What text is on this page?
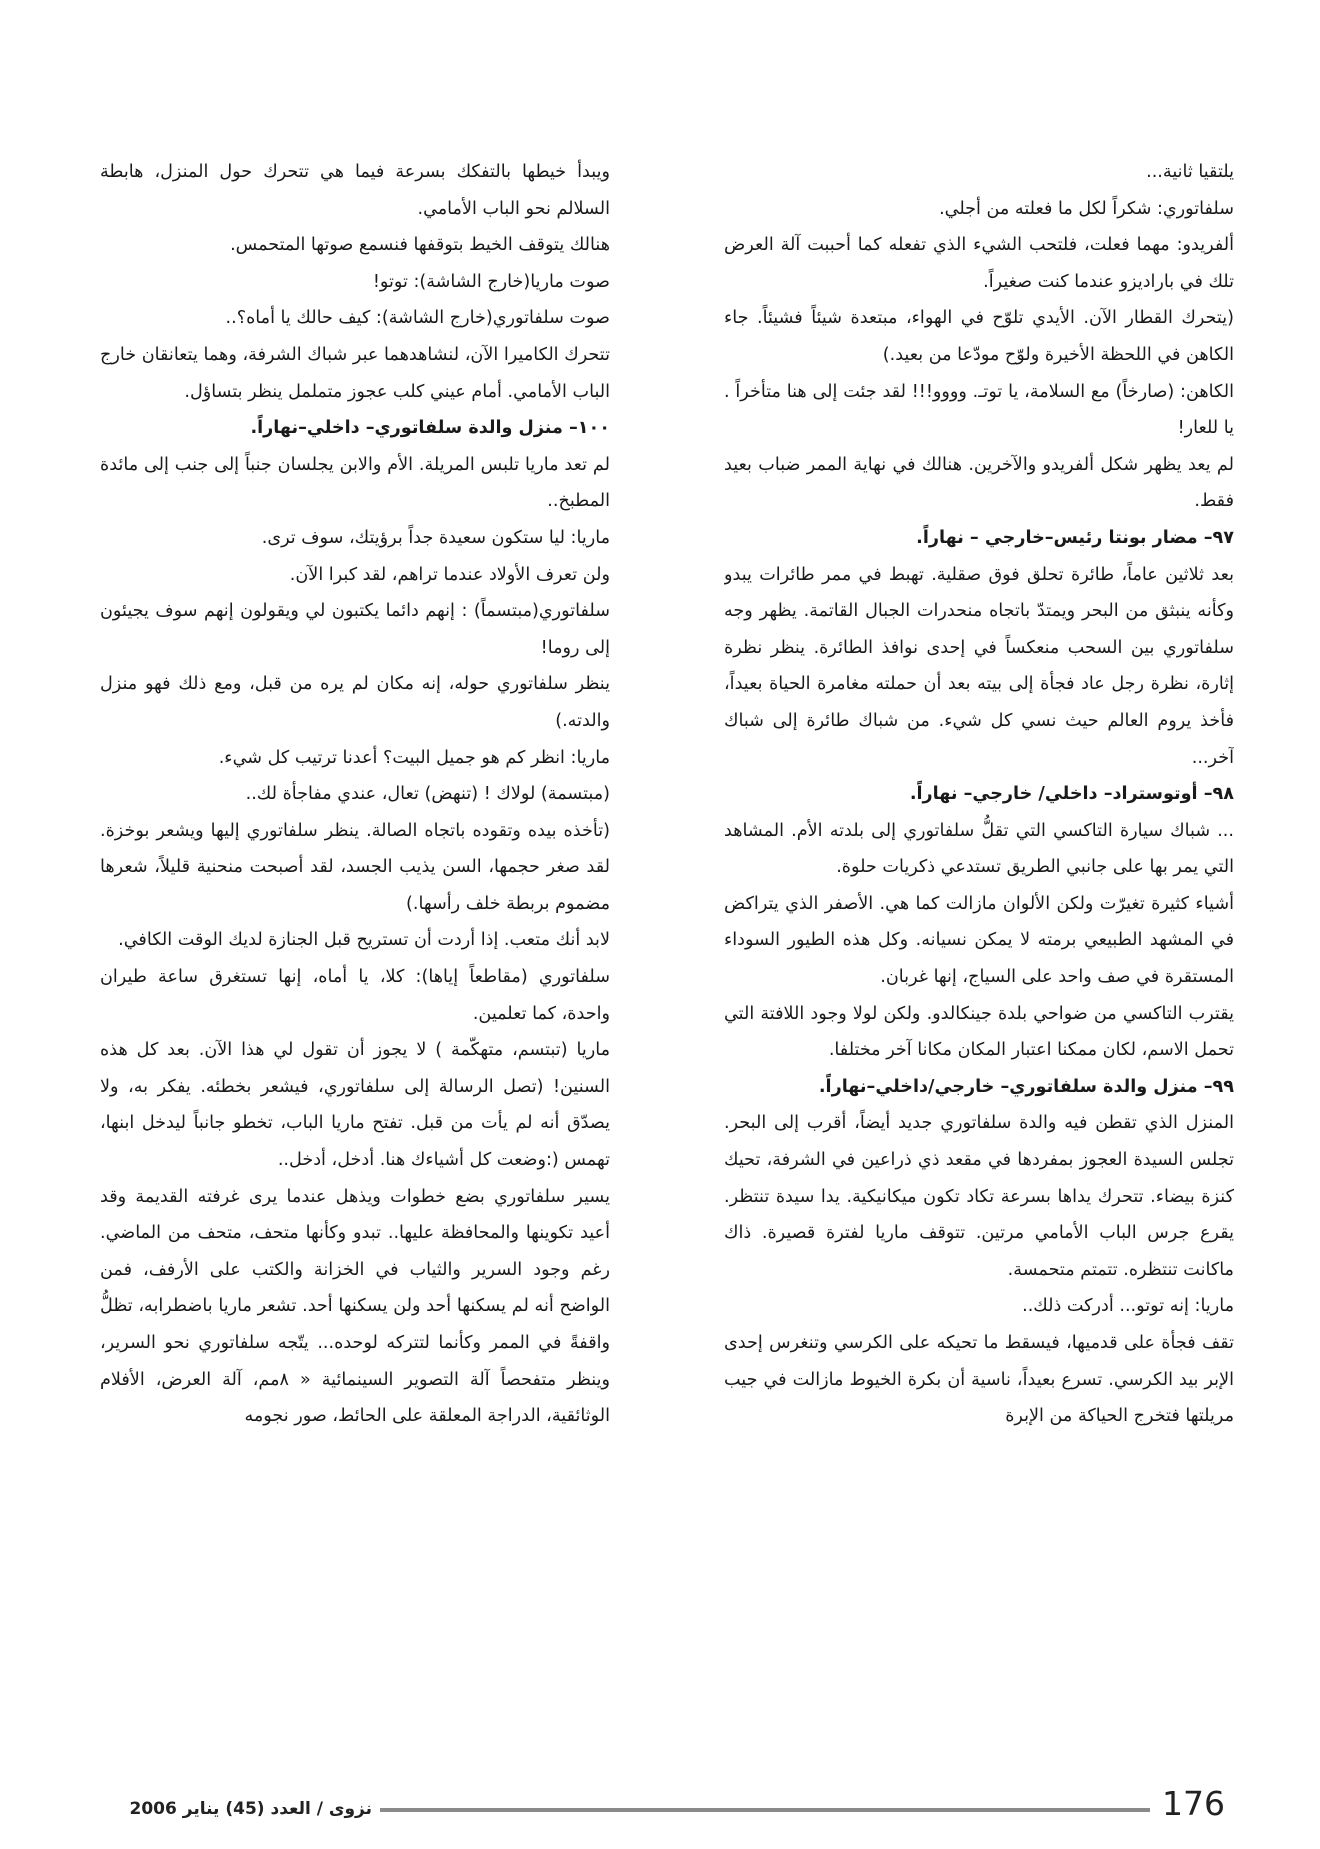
يلتقيا ثانية...

سلفاتوري: شكراً لكل ما فعلته من أجلي.

ألفريدو: مهما فعلت، فلتحب الشيء الذي تفعله كما أحببت آلة العرض تلك في باراديزو عندما كنت صغيراً.

(يتحرك القطار الآن. الأيدي تلوّح في الهواء، مبتعدة شيئاً فشيئاً. جاء الكاهن في اللحظة الأخيرة ولوّح مودّعا من بعيد.)

الكاهن: (صارخاً) مع السلامة، يا توتـ. وووو!!! لقد جئت إلى هنا متأخراً . يا للعار!

لم يعد يظهر شكل ألفريدو والآخرين. هنالك في نهاية الممر ضباب بعيد فقط.

٩٧– مضار بونتا رئيس–خارجي – نهاراً.

بعد ثلاثين عاماً، طائرة تحلق فوق صقلية. تهبط في ممر طائرات يبدو وكأنه ينبثق من البحر ويمتدّ باتجاه منحدرات الجبال القاتمة. يظهر وجه سلفاتوري بين السحب منعكساً في إحدى نوافذ الطائرة. ينظر نظرة إثارة، نظرة رجل عاد فجأة إلى بيته بعد أن حملته مغامرة الحياة بعيداً، فأخذ يروم العالم حيث نسي كل شيء. من شباك طائرة إلى شباك آخر...

٩٨– أوتوستراد– داخلي/ خارجي– نهاراً.

... شباك سيارة التاكسي التي تقلُّ سلفاتوري إلى بلدته الأم. المشاهد التي يمر بها على جانبي الطريق تستدعي ذكريات حلوة.

أشياء كثيرة تغيرّت ولكن الألوان مازالت كما هي. الأصفر الذي يتراكض في المشهد الطبيعي برمته لا يمكن نسيانه. وكل هذه الطيور السوداء المستقرة في صف واحد على السياج، إنها غربان.

يقترب التاكسي من ضواحي بلدة جينكالدو. ولكن لولا وجود اللافتة التي تحمل الاسم، لكان ممكنا اعتبار المكان مكانا آخر مختلفا.

٩٩– منزل والدة سلفاتوري– خارجي/داخلي–نهاراً.

المنزل الذي تقطن فيه والدة سلفاتوري جديد أيضاً، أقرب إلى البحر. تجلس السيدة العجوز بمفردها في مقعد ذي ذراعين في الشرفة، تحيك كنزة بيضاء. تتحرك يداها بسرعة تكاد تكون ميكانيكية. يدا سيدة تنتظر. يقرع جرس الباب الأمامي مرتين. تتوقف ماريا لفترة قصيرة. ذاك ماكانت تنتظره. تتمتم متحمسة.

ماريا: إنه توتو... أدركت ذلك..

تقف فجأة على قدميها، فيسقط ما تحيكه على الكرسي وتنغرس إحدى الإبر بيد الكرسي. تسرع بعيداً، ناسية أن بكرة الخيوط مازالت في جيب مريلتها فتخرج الحياكة من الإبرة

ويبدأ خيطها بالتفكك بسرعة فيما هي تتحرك حول المنزل، هابطة السلالم نحو الباب الأمامي.

هنالك يتوقف الخيط بتوقفها فنسمع صوتها المتحمس.

صوت ماريا(خارج الشاشة): توتو!

صوت سلفاتوري(خارج الشاشة): كيف حالك يا أماه؟..

تتحرك الكاميرا الآن، لنشاهدهما عبر شباك الشرفة، وهما يتعانقان خارج الباب الأمامي. أمام عيني كلب عجوز متململ ينظر بتساؤل.

١٠٠– منزل والدة سلفاتوري– داخلي–نهاراً.

لم تعد ماريا تلبس المريلة. الأم والابن يجلسان جنباً إلى جنب إلى مائدة المطبخ..

ماريا: ليا ستكون سعيدة جداً برؤيتك، سوف ترى.

ولن تعرف الأولاد عندما تراهم، لقد كبرا الآن.

سلفاتوري(مبتسماً) : إنهم دائما يكتبون لي ويقولون إنهم سوف يجيئون إلى روما!

ينظر سلفاتوري حوله، إنه مكان لم يره من قبل، ومع ذلك فهو منزل والدته.)

ماريا: انظر كم هو جميل البيت؟ أعدنا ترتيب كل شيء.

(مبتسمة) لولاك ! (تنهض) تعال، عندي مفاجأة لك..

(تأخذه بيده وتقوده باتجاه الصالة. ينظر سلفاتوري إليها ويشعر بوخزة. لقد صغر حجمها، السن يذيب الجسد، لقد أصبحت منحنية قليلاً، شعرها مضموم بربطة خلف رأسها.)

لابد أنك متعب. إذا أردت أن تستريح قبل الجنازة لديك الوقت الكافي.

سلفاتوري (مقاطعاً إياها): كلا، يا أماه، إنها تستغرق ساعة طيران واحدة، كما تعلمين.

ماريا (تبتسم، متهكّمة ) لا يجوز أن تقول لي هذا الآن. بعد كل هذه السنين! (تصل الرسالة إلى سلفاتوري، فيشعر بخطئه. يفكر به، ولا يصدّق أنه لم يأت من قبل. تفتح ماريا الباب، تخطو جانباً ليدخل ابنها، تهمس (:وضعت كل أشياءك هنا. أدخل، أدخل..

يسير سلفاتوري بضع خطوات ويذهل عندما يرى غرفته القديمة وقد أعيد تكوينها والمحافظة عليها.. تبدو وكأنها متحف، متحف من الماضي. رغم وجود السرير والثياب في الخزانة والكتب على الأرفف، فمن الواضح أنه لم يسكنها أحد ولن يسكنها أحد. تشعر ماريا باضطرابه، تظلُّ واقفةً في الممر وكأنما لتتركه لوحده... يتّجه سلفاتوري نحو السرير، وينظر متفحصاً آلة التصوير السينمائية « ٨مم، آلة العرض، الأفلام الوثائقية، الدراجة المعلقة على الحائط، صور نجومه

176
نزوى / العدد (45) يناير 2006
